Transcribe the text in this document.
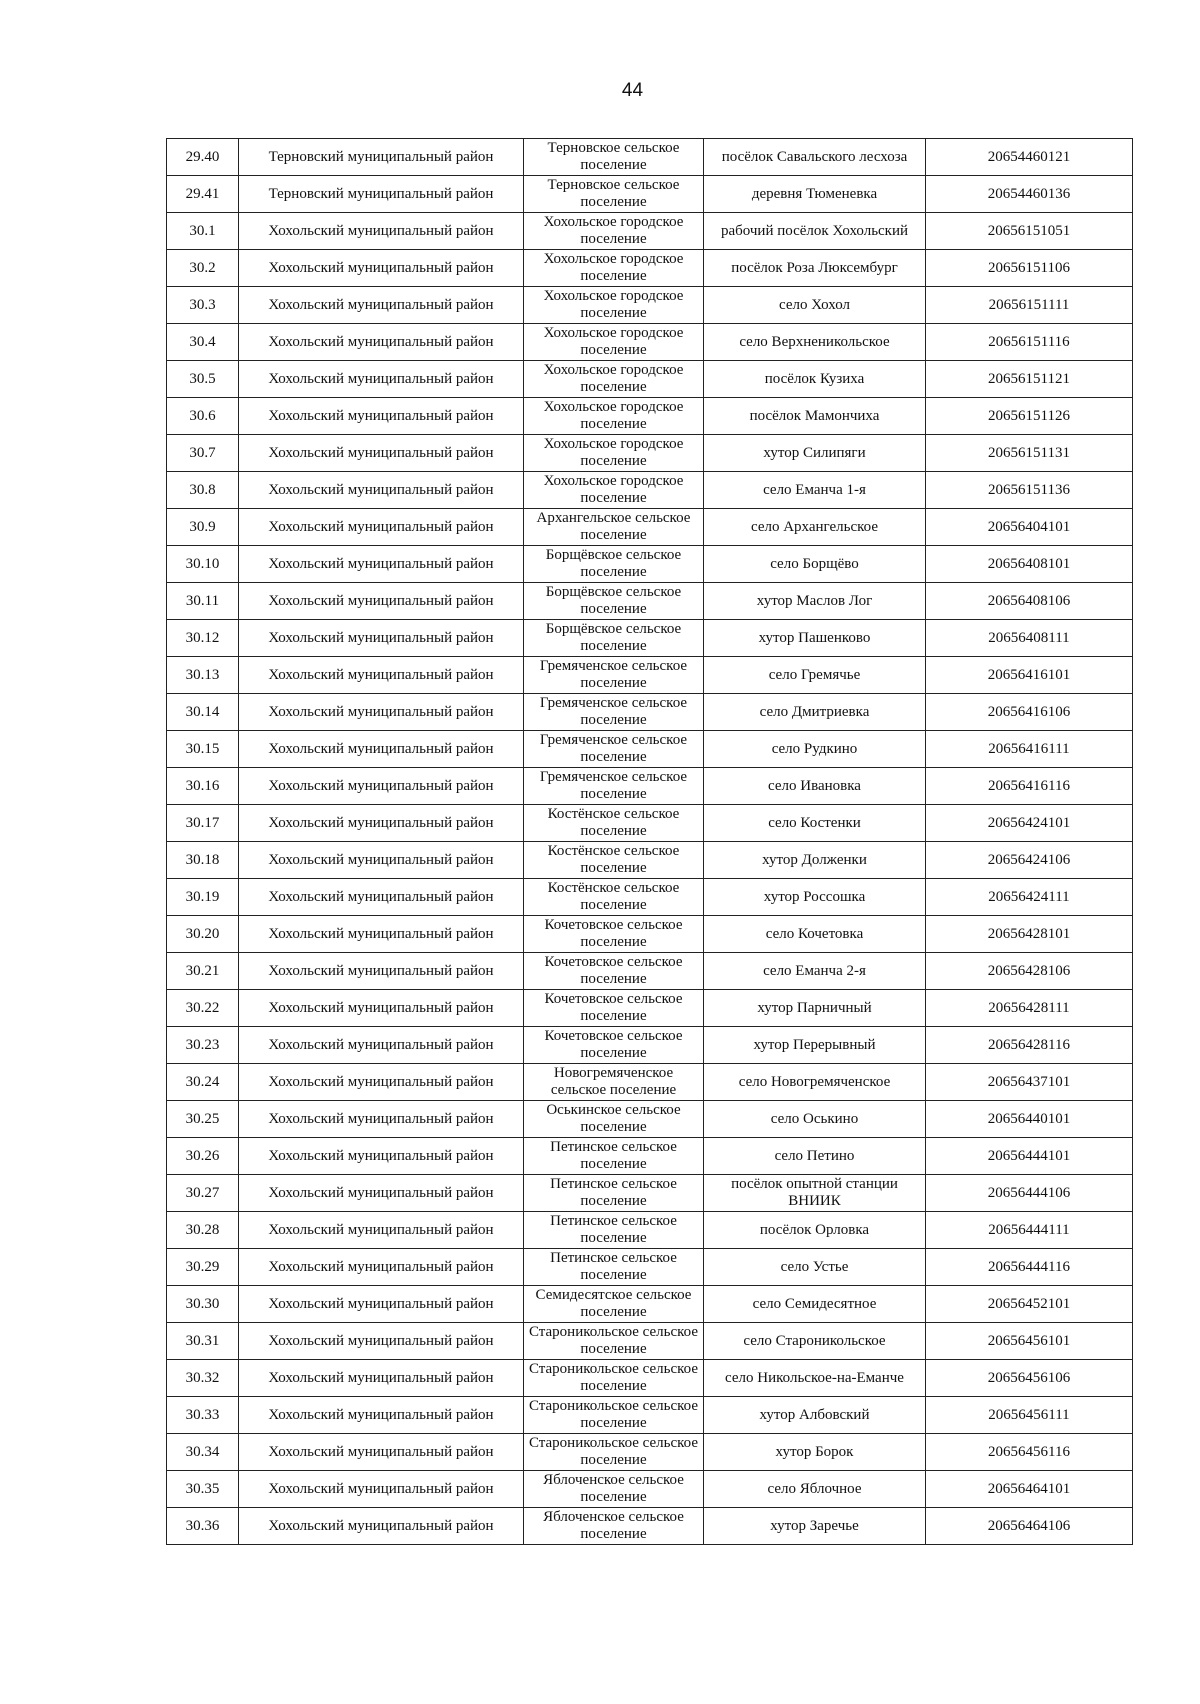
44
29.40	Терновский муниципальный район	Терновское сельское поселение	посёлок Савальского лесхоза	20654460121
29.41	Терновский муниципальный район	Терновское сельское поселение	деревня Тюменевка	20654460136
30.1	Хохольский муниципальный район	Хохольское городское поселение	рабочий посёлок Хохольский	20656151051
30.2	Хохольский муниципальный район	Хохольское городское поселение	посёлок Роза Люксембург	20656151106
30.3	Хохольский муниципальный район	Хохольское городское поселение	село Хохол	20656151111
30.4	Хохольский муниципальный район	Хохольское городское поселение	село Верхненикольское	20656151116
30.5	Хохольский муниципальный район	Хохольское городское поселение	посёлок Кузиха	20656151121
30.6	Хохольский муниципальный район	Хохольское городское поселение	посёлок Мамончиха	20656151126
30.7	Хохольский муниципальный район	Хохольское городское поселение	хутор Силипяги	20656151131
30.8	Хохольский муниципальный район	Хохольское городское поселение	село Еманча 1-я	20656151136
30.9	Хохольский муниципальный район	Архангельское сельское поселение	село Архангельское	20656404101
30.10	Хохольский муниципальный район	Борщёвское сельское поселение	село Борщёво	20656408101
30.11	Хохольский муниципальный район	Борщёвское сельское поселение	хутор Маслов Лог	20656408106
30.12	Хохольский муниципальный район	Борщёвское сельское поселение	хутор Пашенково	20656408111
30.13	Хохольский муниципальный район	Гремяченское сельское поселение	село Гремячье	20656416101
30.14	Хохольский муниципальный район	Гремяченское сельское поселение	село Дмитриевка	20656416106
30.15	Хохольский муниципальный район	Гремяченское сельское поселение	село Рудкино	20656416111
30.16	Хохольский муниципальный район	Гремяченское сельское поселение	село Ивановка	20656416116
30.17	Хохольский муниципальный район	Костёнское сельское поселение	село Костенки	20656424101
30.18	Хохольский муниципальный район	Костёнское сельское поселение	хутор Долженки	20656424106
30.19	Хохольский муниципальный район	Костёнское сельское поселение	хутор Россошка	20656424111
30.20	Хохольский муниципальный район	Кочетовское сельское поселение	село Кочетовка	20656428101
30.21	Хохольский муниципальный район	Кочетовское сельское поселение	село Еманча 2-я	20656428106
30.22	Хохольский муниципальный район	Кочетовское сельское поселение	хутор Парничный	20656428111
30.23	Хохольский муниципальный район	Кочетовское сельское поселение	хутор Перерывный	20656428116
30.24	Хохольский муниципальный район	Новогремяченское сельское поселение	село Новогремяченское	20656437101
30.25	Хохольский муниципальный район	Оськинское сельское поселение	село Оськино	20656440101
30.26	Хохольский муниципальный район	Петинское сельское поселение	село Петино	20656444101
30.27	Хохольский муниципальный район	Петинское сельское поселение	посёлок опытной станции ВНИИК	20656444106
30.28	Хохольский муниципальный район	Петинское сельское поселение	посёлок Орловка	20656444111
30.29	Хохольский муниципальный район	Петинское сельское поселение	село Устье	20656444116
30.30	Хохольский муниципальный район	Семидесятское сельское поселение	село Семидесятное	20656452101
30.31	Хохольский муниципальный район	Староникольское сельское поселение	село Староникольское	20656456101
30.32	Хохольский муниципальный район	Староникольское сельское поселение	село Никольское-на-Еманче	20656456106
30.33	Хохольский муниципальный район	Староникольское сельское поселение	хутор Албовский	20656456111
30.34	Хохольский муниципальный район	Староникольское сельское поселение	хутор Борок	20656456116
30.35	Хохольский муниципальный район	Яблоченское сельское поселение	село Яблочное	20656464101
30.36	Хохольский муниципальный район	Яблоченское сельское поселение	хутор Заречье	20656464106
